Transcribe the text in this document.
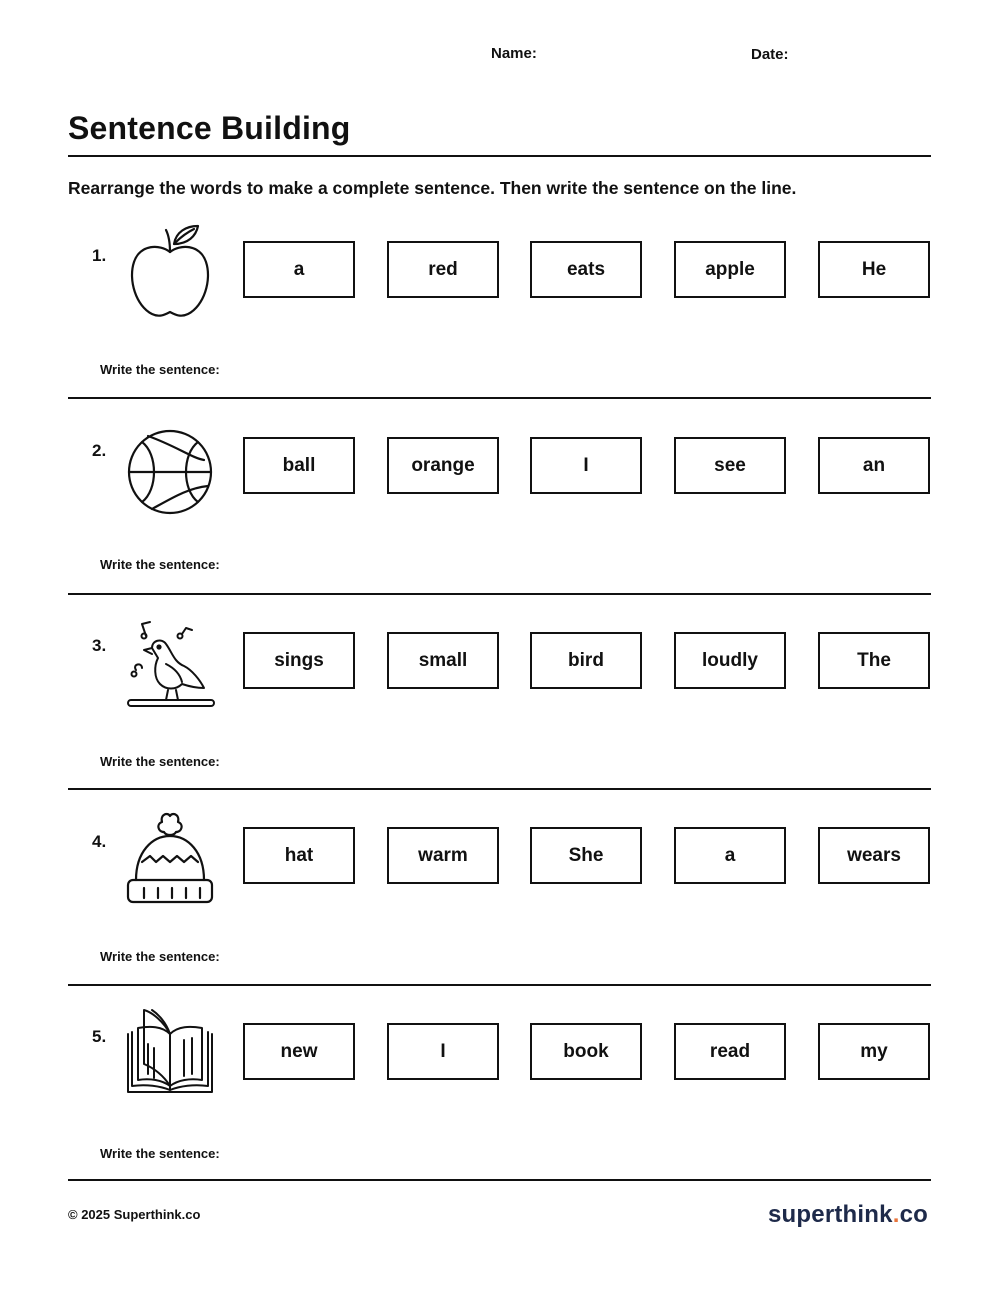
Name:	Date:
Sentence Building
Rearrange the words to make a complete sentence. Then write the sentence on the line.
1.
a	red	eats	apple	He
Write the sentence:
2.
ball	orange	I	see	an
Write the sentence:
3.
sings	small	bird	loudly	The
Write the sentence:
4.
hat	warm	She	a	wears
Write the sentence:
5.
new	I	book	read	my
Write the sentence:
© 2025 Superthink.co	superthink.co
